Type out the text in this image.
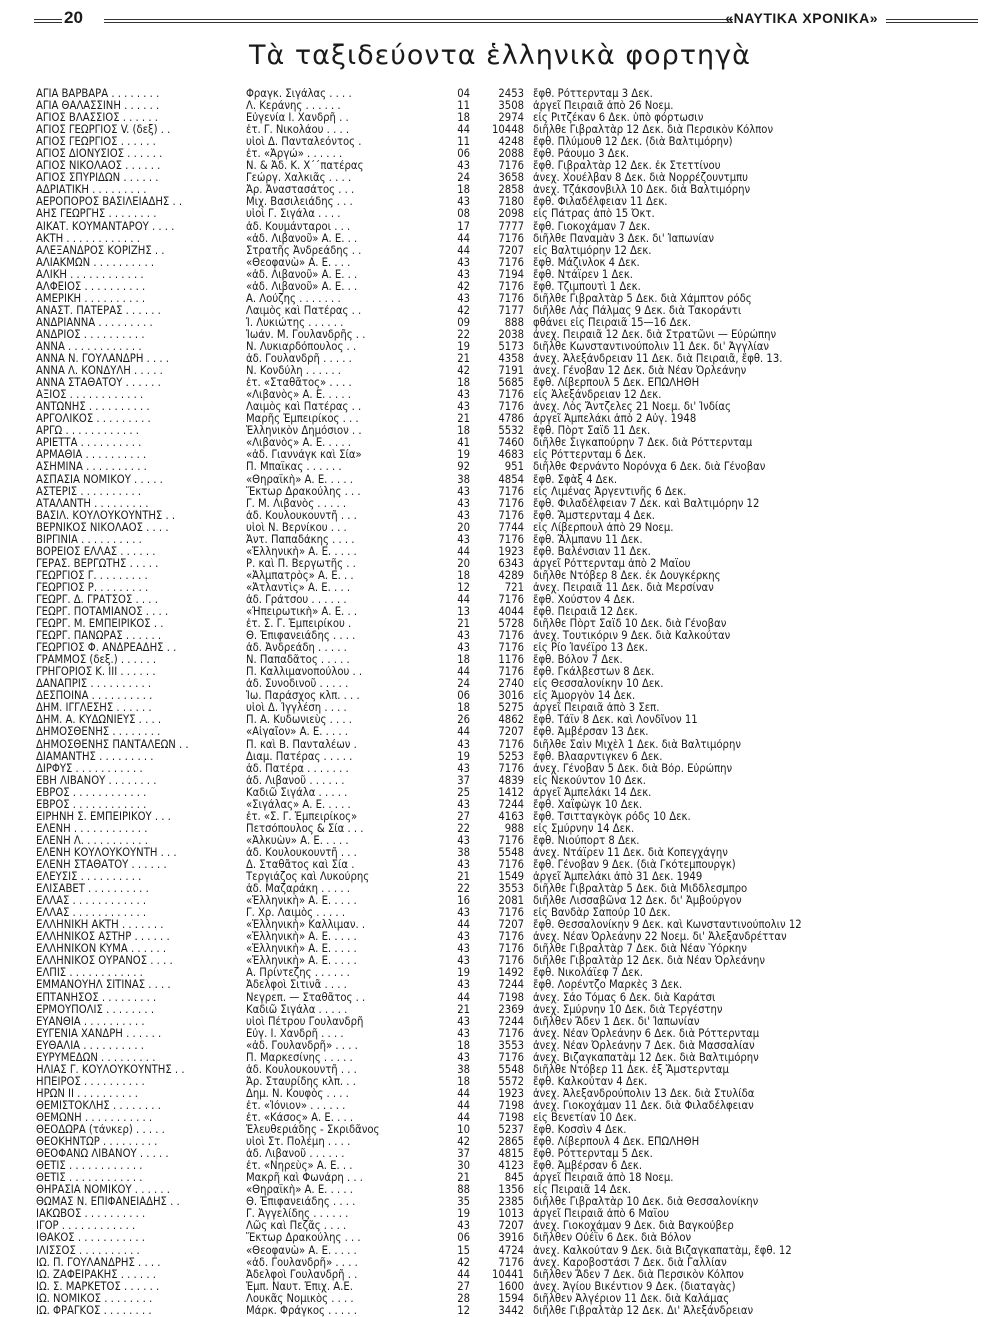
20	«ΝΑΥΤΙΚΑ ΧΡΟΝΙΚΑ»
Τὰ ταξιδεύοντα ἑλληνικὰ φορτηγὰ
ΑΓΙΑ ΒΑΡΒΑΡΑ . . . . . . . .	Φραγκ. Σιγάλας . . . .	04	2453 ἔφθ. Ρόττερνταμ 3 Δεκ.
ΑΓΙΑ ΘΑΛΑΣΣΙΝΗ . . . . . .	Λ. Κεράνης . . . . . .	11	3508 ἀργεῖ Πειραιᾶ ἀπὸ 26 Νοεμ.
ΑΓΙΟΣ ΒΛΑΣΣΙΟΣ . . . . . .	Εὐγενία Ι. Χανδρῆ . .	18	2974 εἰς Ριτζέκαν 6 Δεκ. ὑπὸ φόρτωσιν
ΑΓΙΟΣ ΓΕΩΡΓΙΟΣ V. (δεξ) . .	ἐτ. Γ. Νικολάου . . . .	44	10448 διῆλθε Γιβραλτὰρ 12 Δεκ. διὰ Περσικὸν Κόλπον
ΑΓΙΟΣ ΓΕΩΡΓΙΟΣ . . . . . .	υἱοὶ Δ. Πανταλεόντος .	11	4248 ἔφθ. Πλύμουθ 12 Δεκ. (διὰ Βαλτιμόρην)
ΑΓΙΟΣ ΔΙΟΝΥΣΙΟΣ . . . . . .	ἐτ. «Ἀργώ» . . . . . .	06	2088 ἔφθ. Ράουμο 3 Δεκ.
ΑΓΙΟΣ ΝΙΚΟΛΑΟΣ . . . . . .	Ν. & Ἀδ. Κ. Χ΄΄πατέρας	43	7176 ἔφθ. Γιβραλτὰρ 12 Δεκ. ἐκ Στεττίνου
ΑΓΙΟΣ ΣΠΥΡΙΔΩΝ . . . . . .	Γεώργ. Χαλκιᾶς . . . .	24	3658 ἀνεχ. Χουέλβαν 8 Δεκ. διὰ Νορρέζουντμπυ
ΑΔΡΙΑΤΙΚΗ . . . . . . . . .	Ἀρ. Ἀναστασάτος . . .	18	2858 ἀνεχ. Τζάκσονβιλλ 10 Δεκ. διὰ Βαλτιμόρην
ΑΕΡΟΠΟΡΟΣ ΒΑΣΙΛΕΙΑΔΗΣ . .	Μιχ. Βασιλειάδης . . .	43	7180 ἔφθ. Φιλαδέλφειαν 11 Δεκ.
ΑΗΣ ΓΕΩΡΓΗΣ . . . . . . . .	υἱοὶ Γ. Σιγάλα . . . .	08	2098 εἰς Πάτρας ἀπὸ 15 Ὀκτ.
ΑΙΚΑΤ. ΚΟΥΜΑΝΤΑΡΟΥ . . . .	ἀδ. Κουμάνταροι . . .	17	7777 ἔφθ. Γιοκοχάμαν 7 Δεκ.
ΑΚΤΗ . . . . . . . . . . . .	«ἀδ. Λιβανοῦ» Α. Ε. . .	44	7176 διῆλθε Παναμὰν 3 Δεκ. δι' Ἰαπωνίαν
ΑΛΕΞΑΝΔΡΟΣ ΚΟΡΙΖΗΣ . .	Στρατῆς Ἀνδρεάδης . .	44	7207 εἰς Βαλτιμόρην 12 Δεκ.
ΑΛΙΑΚΜΩΝ . . . . . . . . . .	«Θεοφανὼ» Α. Ε. . . .	43	7176 ἔφθ. Μάζινλοκ 4 Δεκ.
ΑΛΙΚΗ . . . . . . . . . . . .	«ἀδ. Λιβανοῦ» Α. Ε. . .	43	7194 ἔφθ. Ντάϊρεν 1 Δεκ.
ΑΛΦΕΙΟΣ . . . . . . . . . .	«ἀδ. Λιβανοῦ» Α. Ε. . .	42	7176 ἔφθ. Τζιμπουτὶ 1 Δεκ.
ΑΜΕΡΙΚΗ . . . . . . . . . .	Α. Λούζης . . . . . . .	43	7176 διῆλθε Γιβραλτὰρ 5 Δεκ. διὰ Χάμπτον ρόδς
ΑΝΑΣΤ. ΠΑΤΕΡΑΣ . . . . . .	Λαιμὸς καὶ Πατέρας . .	42	7177 διῆλθε Λὰς Πάλμας 9 Δεκ. διὰ Τακοράντι
ΑΝΔΡΙΑΝΝΑ . . . . . . . . .	Ἰ. Λυκιώτης . . . . . .	09	888 φθάνει εἰς Πειραιᾶ 15—16 Δεκ.
ΑΝΔΡΙΟΣ . . . . . . . . . .	Ἰωάν. Μ. Γουλανδρῆς . .	22	2038 ἀνεχ. Πειραιᾶ 12 Δεκ. διὰ Στρατῶνι — Εὐρώπην
ΑΝΝΑ . . . . . . . . . . . .	Ν. Λυκιαρδόπουλος . .	19	5173 διῆλθε Κωνσταντινούπολιν 11 Δεκ. δι' Ἀγγλίαν
ΑΝΝΑ Ν. ΓΟΥΛΑΝΔΡΗ . . . .	ἀδ. Γουλανδρῆ . . . . .	21	4358 ἀνεχ. Ἀλεξάνδρειαν 11 Δεκ. διὰ Πειραιᾶ, ἔφθ. 13.
ΑΝΝΑ Λ. ΚΟΝΔΥΛΗ . . . . .	Ν. Κονδύλη . . . . . .	42	7191 ἀνεχ. Γένοβαν 12 Δεκ. διὰ Νέαν Ὀρλεάνην
ΑΝΝΑ ΣΤΑΘΑΤΟΥ . . . . . .	ἐτ. «Σταθᾶτος» . . . .	18	5685 ἔφθ. Λίβερπουλ 5 Δεκ. ΕΠΩΛΗΘΗ
ΑΞΙΟΣ . . . . . . . . . . . .	«Λιβανὸς» Α. Ε. . . . .	43	7176 εἰς Ἀλεξάνδρειαν 12 Δεκ.
ΑΝΤΩΝΗΣ . . . . . . . . . .	Λαιμὸς καὶ Πατέρας . .	43	7176 ἀνεχ. Λὸς Ἄντζελες 21 Νοεμ. δι' Ἰνδίας
ΑΡΓΟΛΙΚΟΣ . . . . . . . . .	Μαρῆς Ἐμπειρίκος . . .	21	4786 ἀργεῖ Ἀμπελάκι ἀπὸ 2 Αὐγ. 1948
ΑΡΓΩ . . . . . . . . . . . .	Ἑλληνικὸν Δημόσιον . .	18	5532 ἔφθ. Πὸρτ Σαΐδ 11 Δεκ.
ΑΡΙΕΤΤΑ . . . . . . . . . .	«Λιβανὸς» Α. Ε. . . . .	41	7460 διῆλθε Σιγκαπούρην 7 Δεκ. διὰ Ρόττερνταμ
ΑΡΜΑΘΙΑ . . . . . . . . . .	«ἀδ. Γιαννάγκ καὶ Σία»	19	4683 εἰς Ρόττερνταμ 6 Δεκ.
ΑΣΗΜΙΝΑ . . . . . . . . . .	Π. Μπαϊκας . . . . . .	92	951 διῆλθε Φερνάντο Νορόνχα 6 Δεκ. διὰ Γένοβαν
ΑΣΠΑΣΙΑ ΝΟΜΙΚΟΥ . . . . .	«Θηραϊκὴ» Α. Ε. . . . .	38	4854 ἔφθ. Σφὰξ 4 Δεκ.
ΑΣΤΕΡΙΣ . . . . . . . . . .	Ἕκτωρ Δρακούλης . . .	43	7176 εἰς Λιμένας Ἀργεντινῆς 6 Δεκ.
ΑΤΑΛΑΝΤΗ . . . . . . . . .	Γ. Μ. Λιβανὸς . . . . .	43	7176 ἔφθ. Φιλαδέλφειαν 7 Δεκ. καὶ Βαλτιμόρην 12
ΒΑΣΙΛ. ΚΟΥΛΟΥΚΟΥΝΤΗΣ . .	ἀδ. Κουλουκουντῆ . . .	43	7176 ἔφθ. Ἄμστερνταμ 4 Δεκ.
ΒΕΡΝΙΚΟΣ ΝΙΚΟΛΑΟΣ . . . .	υἱοὶ Ν. Βερνίκου . . .	20	7744 εἰς Λίβερπουλ ἀπὸ 29 Νοεμ.
ΒΙΡΓΙΝΙΑ . . . . . . . . . .	Ἀντ. Παπαδάκης . . . .	43	7176 ἔφθ. Ἄλμπανυ 11 Δεκ.
ΒΟΡΕΙΟΣ ΕΛΛΑΣ . . . . . .	«Ἑλληνικὴ» Α. Ε. . . . .	44	1923 ἔφθ. Βαλένσιαν 11 Δεκ.
ΓΕΡΑΣ. ΒΕΡΓΩΤΗΣ . . . . .	Ρ. καὶ Π. Βεργωτῆς . .	20	6343 ἀργεῖ Ρόττερνταμ ἀπὸ 2 Μαΐου
ΓΕΩΡΓΙΟΣ Γ. . . . . . . . .	«Ἀλμπατρὸς» Α. Ε. . .	18	4289 διῆλθε Ντόβερ 8 Δεκ. ἐκ Δουγκέρκης
ΓΕΩΡΓΙΟΣ Ρ. . . . . . . . .	«Ἀτλαντὶς» Α. Ε. . . .	12	721 ἀνεχ. Πειραιᾶ 11 Δεκ. διὰ Μερσίναν
ΓΕΩΡΓ. Δ. ΓΡΑΤΣΟΣ . . . .	ἀδ. Γράτσου . . . . . .	44	7176 ἔφθ. Χούστον 4 Δεκ.
ΓΕΩΡΓ. ΠΟΤΑΜΙΑΝΟΣ . . . .	«Ἠπειρωτικὴ» Α. Ε. . .	13	4044 ἔφθ. Πειραιᾶ 12 Δεκ.
ΓΕΩΡΓ. Μ. ΕΜΠΕΙΡΙΚΟΣ . .	ἐτ. Σ. Γ. Ἐμπειρίκου .	21	5728 διῆλθε Πὸρτ Σαΐδ 10 Δεκ. διὰ Γένοβαν
ΓΕΩΡΓ. ΠΑΝΩΡΑΣ . . . . . .	Θ. Ἐπιφανειάδης . . . .	43	7176 ἀνεχ. Τουτικόριν 9 Δεκ. διὰ Καλκούταν
ΓΕΩΡΓΙΟΣ Φ. ΑΝΔΡΕΑΔΗΣ . .	ἀδ. Ἀνδρεάδη . . . . .	43	7176 εἰς Ρίο Ἰανέϊρο 13 Δεκ.
ΓΡΑΜΜΟΣ (δεξ.) . . . . . .	Ν. Παπαδᾶτος . . . . .	18	1176 ἔφθ. Βόλον 7 Δεκ.
ΓΡΗΓΟΡΙΟΣ Κ. III . . . . . .	Π. Καλλιμανοπούλου . .	44	7176 ἔφθ. Γκάλβεστων 8 Δεκ.
ΔΑΝΑΠΡΙΣ . . . . . . . . . .	ἀδ. Συνοδινοῦ . . . . .	24	2740 εἰς Θεσσαλονίκην 10 Δεκ.
ΔΕΣΠΟΙΝΑ . . . . . . . . . .	Ἰω. Παράσχος κλπ. . . .	06	3016 εἰς Ἀμοργὸν 14 Δεκ.
ΔΗΜ. ΙΓΓΛΕΣΗΣ . . . . . .	υἱοὶ Δ. Ἰγγλέση . . . .	18	5275 ἀργεῖ Πειραιᾶ ἀπὸ 3 Σεπ.
ΔΗΜ. Α. ΚΥΔΩΝΙΕΥΣ . . . .	Π. Α. Κυδωνιεὺς . . . .	26	4862 ἔφθ. Τάϊν 8 Δεκ. καὶ Λονδῖνον 11
ΔΗΜΟΣΘΕΝΗΣ . . . . . . . .	«Αἰγαῖον» Α. Ε. . . . .	44	7207 ἔφθ. Ἀμβέρσαν 13 Δεκ.
ΔΗΜΟΣΘΕΝΗΣ ΠΑΝΤΑΛΕΩΝ . .	Π. καὶ Β. Πανταλέων .	43	7176 διῆλθε Σαὶν Μιχὲλ 1 Δεκ. διὰ Βαλτιμόρην
ΔΙΑΜΑΝΤΗΣ . . . . . . . . .	Διαμ. Πατέρας . . . . .	19	5253 ἔφθ. Βλααρντιγκεν 6 Δεκ.
ΔΙΡΦΥΣ . . . . . . . . . . .	ἀδ. Πατέρα . . . . . . .	43	7176 ἀνεχ. Γένοβαν 5 Δεκ. διὰ Βόρ. Εὐρώπην
ΕΒΗ ΛΙΒΑΝΟΥ . . . . . . . .	ἀδ. Λιβανοῦ . . . . . .	37	4839 εἰς Νεκούντον 10 Δεκ.
ΕΒΡΟΣ . . . . . . . . . . . .	Καδιῶ Σιγάλα . . . . .	25	1412 ἀργεῖ Ἀμπελάκι 14 Δεκ.
ΕΒΡΟΣ . . . . . . . . . . . .	«Σιγάλας» Α. Ε. . . . .	43	7244 ἔφθ. Χαϊφὼγκ 10 Δεκ.
ΕΙΡΗΝΗ Σ. ΕΜΠΕΙΡΙΚΟΥ . . .	ἐτ. «Σ. Γ. Ἐμπειρίκος»	27	4163 ἔφθ. Τσιτταγκὸγκ ρόδς 10 Δεκ.
ΕΛΕΝΗ . . . . . . . . . . . .	Πετσόπουλος & Σία . . .	22	988 εἰς Σμύρνην 14 Δεκ.
ΕΛΕΝΗ Λ. . . . . . . . . . .	«Ἀλκυὼν» Α. Ε. . . . .	43	7176 ἔφθ. Νιούπορτ 8 Δεκ.
ΕΛΕΝΗ ΚΟΥΛΟΥΚΟΥΝΤΗ . . .	ἀδ. Κουλουκουντῆ . . .	38	5548 ἀνεχ. Ντάϊρεν 11 Δεκ. διὰ Κοπεγχάγην
ΕΛΕΝΗ ΣΤΑΘΑΤΟΥ . . . . . .	Δ. Σταθᾶτος καὶ Σία .	43	7176 ἔφθ. Γένοβαν 9 Δεκ. (διὰ Γκότεμπουργκ)
ΕΛΕΥΣΙΣ . . . . . . . . . .	Τεργιάζος καὶ Λυκούρης	21	1549 ἀργεῖ Ἀμπελάκι ἀπὸ 31 Δεκ. 1949
ΕΛΙΣΑΒΕΤ . . . . . . . . . .	ἀδ. Μαζαράκη . . . . .	22	3553 διῆλθε Γιβραλτὰρ 5 Δεκ. διὰ Μιδδλεσμπρο
ΕΛΛΑΣ . . . . . . . . . . . .	«Ἑλληνικὴ» Α. Ε. . . . .	16	2081 διῆλθε Λισσαβῶνα 12 Δεκ. δι' Ἀμβούργον
ΕΛΛΑΣ . . . . . . . . . . . .	Γ. Χρ. Λαιμὸς . . . . .	43	7176 εἰς Βανδὰρ Σαπούρ 10 Δεκ.
ΕΛΛΗΝΙΚΗ ΑΚΤΗ . . . . . . .	«Ἑλληνικὴ» Καλλιμαν. .	44	7207 ἔφθ. Θεσσαλονίκην 9 Δεκ. καὶ Κωνσταντινούπολιν 12
ΕΛΛΗΝΙΚΟΣ ΑΣΤΗΡ . . . . . .	«Ἑλληνικὴ» Α. Ε. . . . .	43	7176 ἀνεχ. Νέαν Ὀρλεάνην 22 Νοεμ. δι' Ἀλεξανδρέτταν
ΕΛΛΗΝΙΚΟΝ ΚΥΜΑ . . . . . .	«Ἑλληνικὴ» Α. Ε. . . . .	43	7176 διῆλθε Γιβραλτὰρ 7 Δεκ. διὰ Νέαν Ὑόρκην
ΕΛΛΗΝΙΚΟΣ ΟΥΡΑΝΟΣ . . . .	«Ἑλληνικὴ» Α. Ε. . . . .	43	7176 διῆλθε Γιβραλτὰρ 12 Δεκ. διὰ Νέαν Ὀρλεάνην
ΕΛΠΙΣ . . . . . . . . . . . .	Α. Πρίντεζης . . . . . .	19	1492 ἔφθ. Νικολάϊεφ 7 Δεκ.
ΕΜΜΑΝΟΥΗΛ ΣΙΤΙΝΑΣ . . . .	Ἀδελφοὶ Σιτινᾶ . . . .	43	7244 ἔφθ. Λορέντζο Μαρκὲς 3 Δεκ.
ΕΠΤΑΝΗΣΟΣ . . . . . . . . .	Νεγρεπ. — Σταθᾶτος . .	44	7198 ἀνεχ. Σάο Τόμας 6 Δεκ. διὰ Καράτσι
ΕΡΜΟΥΠΟΛΙΣ . . . . . . . .	Καδιῶ Σιγάλα . . . . .	21	2369 ἀνεχ. Σμύρνην 10 Δεκ. διὰ Τεργέστην
ΕΥΑΝΘΙΑ . . . . . . . . . .	υἱοὶ Πέτρου Γουλανδρῆ	43	7244 διῆλθεν Ἄδεν 1 Δεκ. δι' Ἰαπωνίαν
ΕΥΓΕΝΙΑ ΧΑΝΔΡΗ . . . . . .	Εὐγ. Ι. Χανδρῆ . . . .	43	7176 ἀνεχ. Νέαν Ὀρλεάνην 6 Δεκ. διὰ Ρόττερνταμ
ΕΥΘΑΛΙΑ . . . . . . . . . .	«ἀδ. Γουλανδρῆ» . . . .	18	3553 ἀνεχ. Νέαν Ὀρλεάνην 7 Δεκ. διὰ Μασσαλίαν
ΕΥΡΥΜΕΔΩΝ . . . . . . . . .	Π. Μαρκεσίνης . . . . .	43	7176 ἀνεχ. Βιζαγκαπατὰμ 12 Δεκ. διὰ Βαλτιμόρην
ΗΛΙΑΣ Γ. ΚΟΥΛΟΥΚΟΥΝΤΗΣ . .	ἀδ. Κουλουκουντῆ . . .	38	5548 διῆλθε Ντόβερ 11 Δεκ. ἐξ Ἄμστερνταμ
ΗΠΕΙΡΟΣ . . . . . . . . . .	Ἀρ. Σταυρίδης κλπ. . .	18	5572 ἔφθ. Καλκούταν 4 Δεκ.
ΗΡΩΝ II . . . . . . . . . .	Δημ. Ν. Κουφὸς . . . .	44	1923 ἀνεχ. Ἀλεξανδρούπολιν 13 Δεκ. διὰ Στυλίδα
ΘΕΜΙΣΤΟΚΛΗΣ . . . . . . . .	ἐτ. «Ἰόνιον» . . . . . .	44	7198 ἀνεχ. Γιοκοχάμαν 11 Δεκ. διὰ Φιλαδέλφειαν
ΘΕΜΩΝΗ . . . . . . . . . . .	ἐτ. «Κάσος» Α. Ε. . . .	44	7198 εἰς Βενετίαν 10 Δεκ.
ΘΕΟΔΩΡΑ (τάνκερ) . . . . .	Ἐλευθεριάδης - Σκριδᾶνος	10	5237 ἔφθ. Κοσσὶν 4 Δεκ.
ΘΕΟΚΗΝΤΩΡ . . . . . . . . .	υἱοὶ Στ. Πολέμη . . . .	42	2865 ἔφθ. Λίβερπουλ 4 Δεκ. ΕΠΩΛΗΘΗ
ΘΕΟΦΑΝΩ ΛΙΒΑΝΟΥ . . . . .	ἀδ. Λιβανοῦ . . . . . .	37	4815 ἔφθ. Ρόττερνταμ 5 Δεκ.
ΘΕΤΙΣ . . . . . . . . . . . .	ἐτ. «Νηρεὺς» Α. Ε. . .	30	4123 ἔφθ. Ἀμβέρσαν 6 Δεκ.
ΘΕΤΙΣ . . . . . . . . . . . .	Μακρῆ καὶ Φωνάρη . . .	21	845 ἀργεῖ Πειραιᾶ ἀπὸ 18 Νοεμ.
ΘΗΡΑΣΙΑ ΝΟΜΙΚΟΥ . . . . . .	«Θηραϊκὴ» Α. Ε. . . . .	88	1356 εἰς Πειραιᾶ 14 Δεκ.
ΘΩΜΑΣ Ν. ΕΠΙΦΑΝΕΙΑΔΗΣ . .	Θ. Ἐπιφανειάδης . . . .	35	2385 διῆλθε Γιβραλτὰρ 10 Δεκ. διὰ Θεσσαλονίκην
ΙΑΚΩΒΟΣ . . . . . . . . . .	Γ. Ἀγγελίδης . . . . . .	19	1013 ἀργεῖ Πειραιᾶ ἀπὸ 6 Μαΐου
ΙΓΟΡ . . . . . . . . . . . .	Λῶς καὶ Πεζᾶς . . . .	43	7207 ἀνεχ. Γιοκοχάμαν 9 Δεκ. διὰ Βαγκούβερ
ΙΘΑΚΟΣ . . . . . . . . . . .	Ἕκτωρ Δρακούλης . . .	06	3916 διῆλθεν Οὐέϊν 6 Δεκ. διὰ Βόλον
ΙΛΙΣΣΟΣ . . . . . . . . . .	«Θεοφανὼ» Α. Ε. . . . .	15	4724 ἀνεχ. Καλκούταν 9 Δεκ. διὰ Βιζαγκαπατὰμ, ἔφθ. 12
ΙΩ. Π. ΓΟΥΛΑΝΔΡΗΣ . . . .	«ἀδ. Γουλανδρῆ» . . . .	42	7176 ἀνεχ. Καροβοστάσι 7 Δεκ. διὰ Γαλλίαν
ΙΩ. ΖΑΦΕΙΡΑΚΗΣ . . . . . .	Ἀδελφοὶ Γουλανδρῆ . .	44	10441 διῆλθεν Ἄδεν 7 Δεκ. διὰ Περσικὸν Κόλπον
ΙΩ. Σ. ΜΑΡΚΕΤΟΣ . . . . . .	Ἐμπ. Ναυτ. Ἐπιχ. Α.Ε.	27	1600 ἀνεχ. Ἁγίου Βικέντιον 9 Δεκ. (διαταγὰς)
ΙΩ. ΝΟΜΙΚΟΣ . . . . . . . .	Λουκᾶς Νομικὸς . . . .	28	1594 διῆλθεν Ἀλγέριον 11 Δεκ. διὰ Καλάμας
ΙΩ. ΦΡΑΓΚΟΣ . . . . . . . .	Μάρκ. Φράγκος . . . . .	12	3442 διῆλθε Γιβραλτὰρ 12 Δεκ. Δι' Ἀλεξάνδρειαν
